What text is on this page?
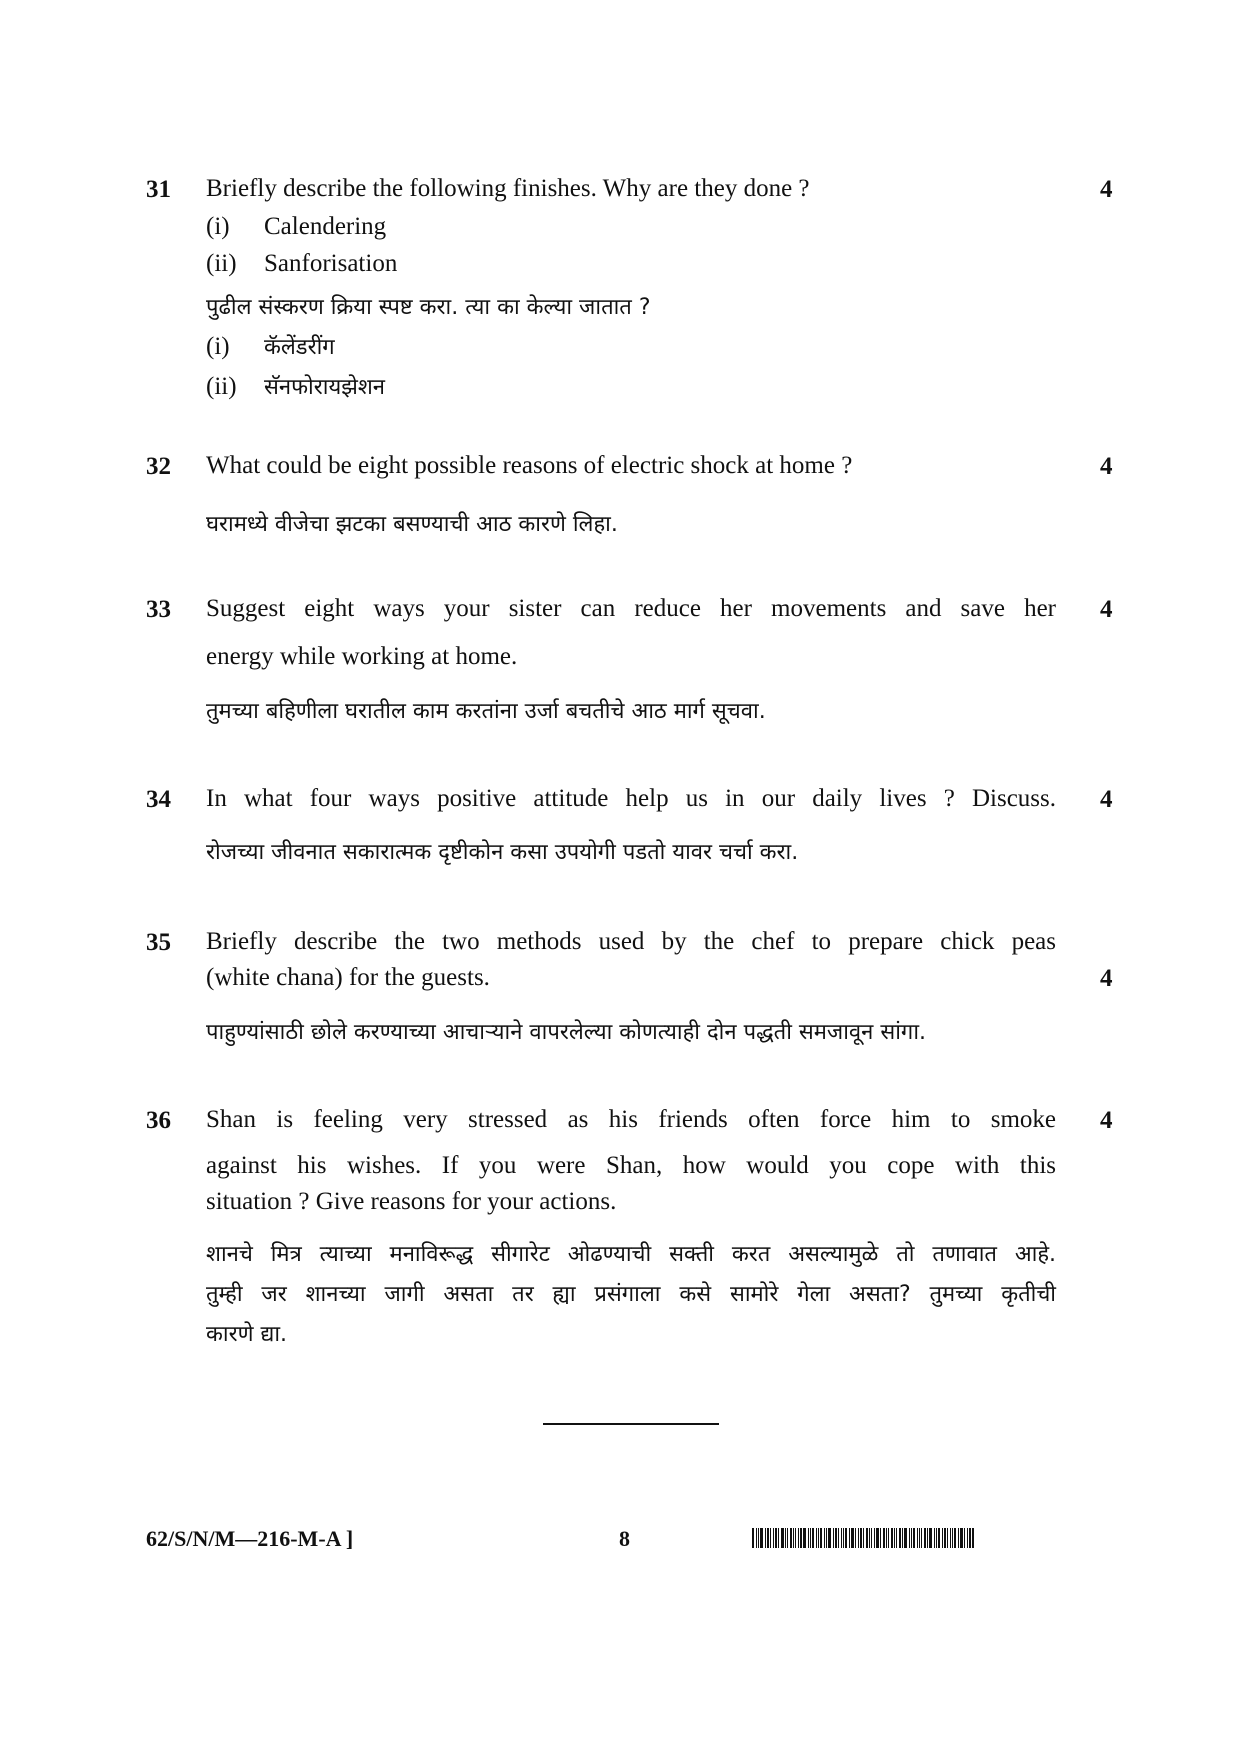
31	4
Briefly describe the following finishes. Why are they done ?
(i) Calendering
(ii) Sanforisation
पुढील संस्करण क्रिया स्पष्ट करा. त्या का केल्या जातात ?
(i) कॅलेंडरींग
(ii) सॅनफोरायझेशन
32	4
What could be eight possible reasons of electric shock at home ?
घरामध्ये वीजेचा झटका बसण्याची आठ कारणे लिहा.
33	4
Suggest eight ways your sister can reduce her movements and save her
energy while working at home.
तुमच्या बहिणीला घरातील काम करतांना उर्जा बचतीचे आठ मार्ग सूचवा.
34	4
In what four ways positive attitude help us in our daily lives ? Discuss.
रोजच्या जीवनात सकारात्मक दृष्टीकोन कसा उपयोगी पडतो यावर चर्चा करा.
35
4
Briefly describe the two methods used by the chef to prepare chick peas
(white chana) for the guests.
पाहुण्यांसाठी छोले करण्याच्या आचाऱ्याने वापरलेल्या कोणत्याही दोन पद्धती समजावून सांगा.
36	4
Shan is feeling very stressed as his friends often force him to smoke
against his wishes. If you were Shan, how would you cope with this
situation ? Give reasons for your actions.
शानचे मित्र त्याच्या मनाविरूद्ध सीगारेट ओढण्याची सक्ती करत असल्यामुळे तो तणावात आहे.
तुम्ही जर शानच्या जागी असता तर ह्या प्रसंगाला कसे सामोरे गेला असता? तुमच्या कृतीची
कारणे द्या.
62/S/N/M—216-M-A ]	8
